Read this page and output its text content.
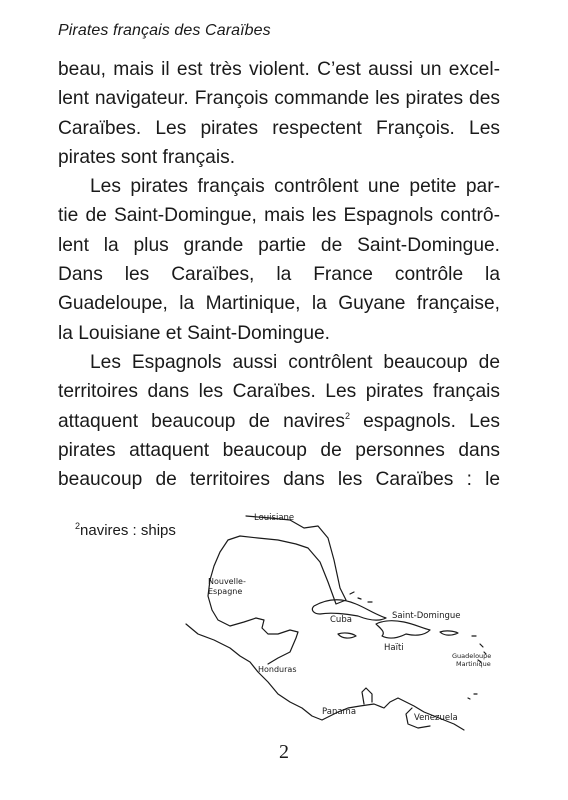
Pirates français des Caraïbes
beau, mais il est très violent. C’est aussi un excel-
lent navigateur. François commande les pirates des
Caraïbes. Les pirates respectent François. Les
pirates sont français.
Les pirates français contrôlent une petite par-
tie de Saint-Domingue, mais les Espagnols contrô-
lent la plus grande partie de Saint-Domingue.
Dans les Caraïbes, la France contrôle la
Guadeloupe, la Martinique, la Guyane française,
la Louisiane et Saint-Domingue.
Les Espagnols aussi contrôlent beaucoup de
territoires dans les Caraïbes. Les pirates français
attaquent beaucoup de navires$^2$ espagnols. Les
pirates attaquent beaucoup de personnes dans
beaucoup de territoires dans les Caraïbes : le
$^2$navires : ships
Louisiane
Nouvelle-
Espagne
Cuba	Saint-Domingue
Haïti
Guadeloupe
Martinique
Honduras
Panama
Venezuela
2
